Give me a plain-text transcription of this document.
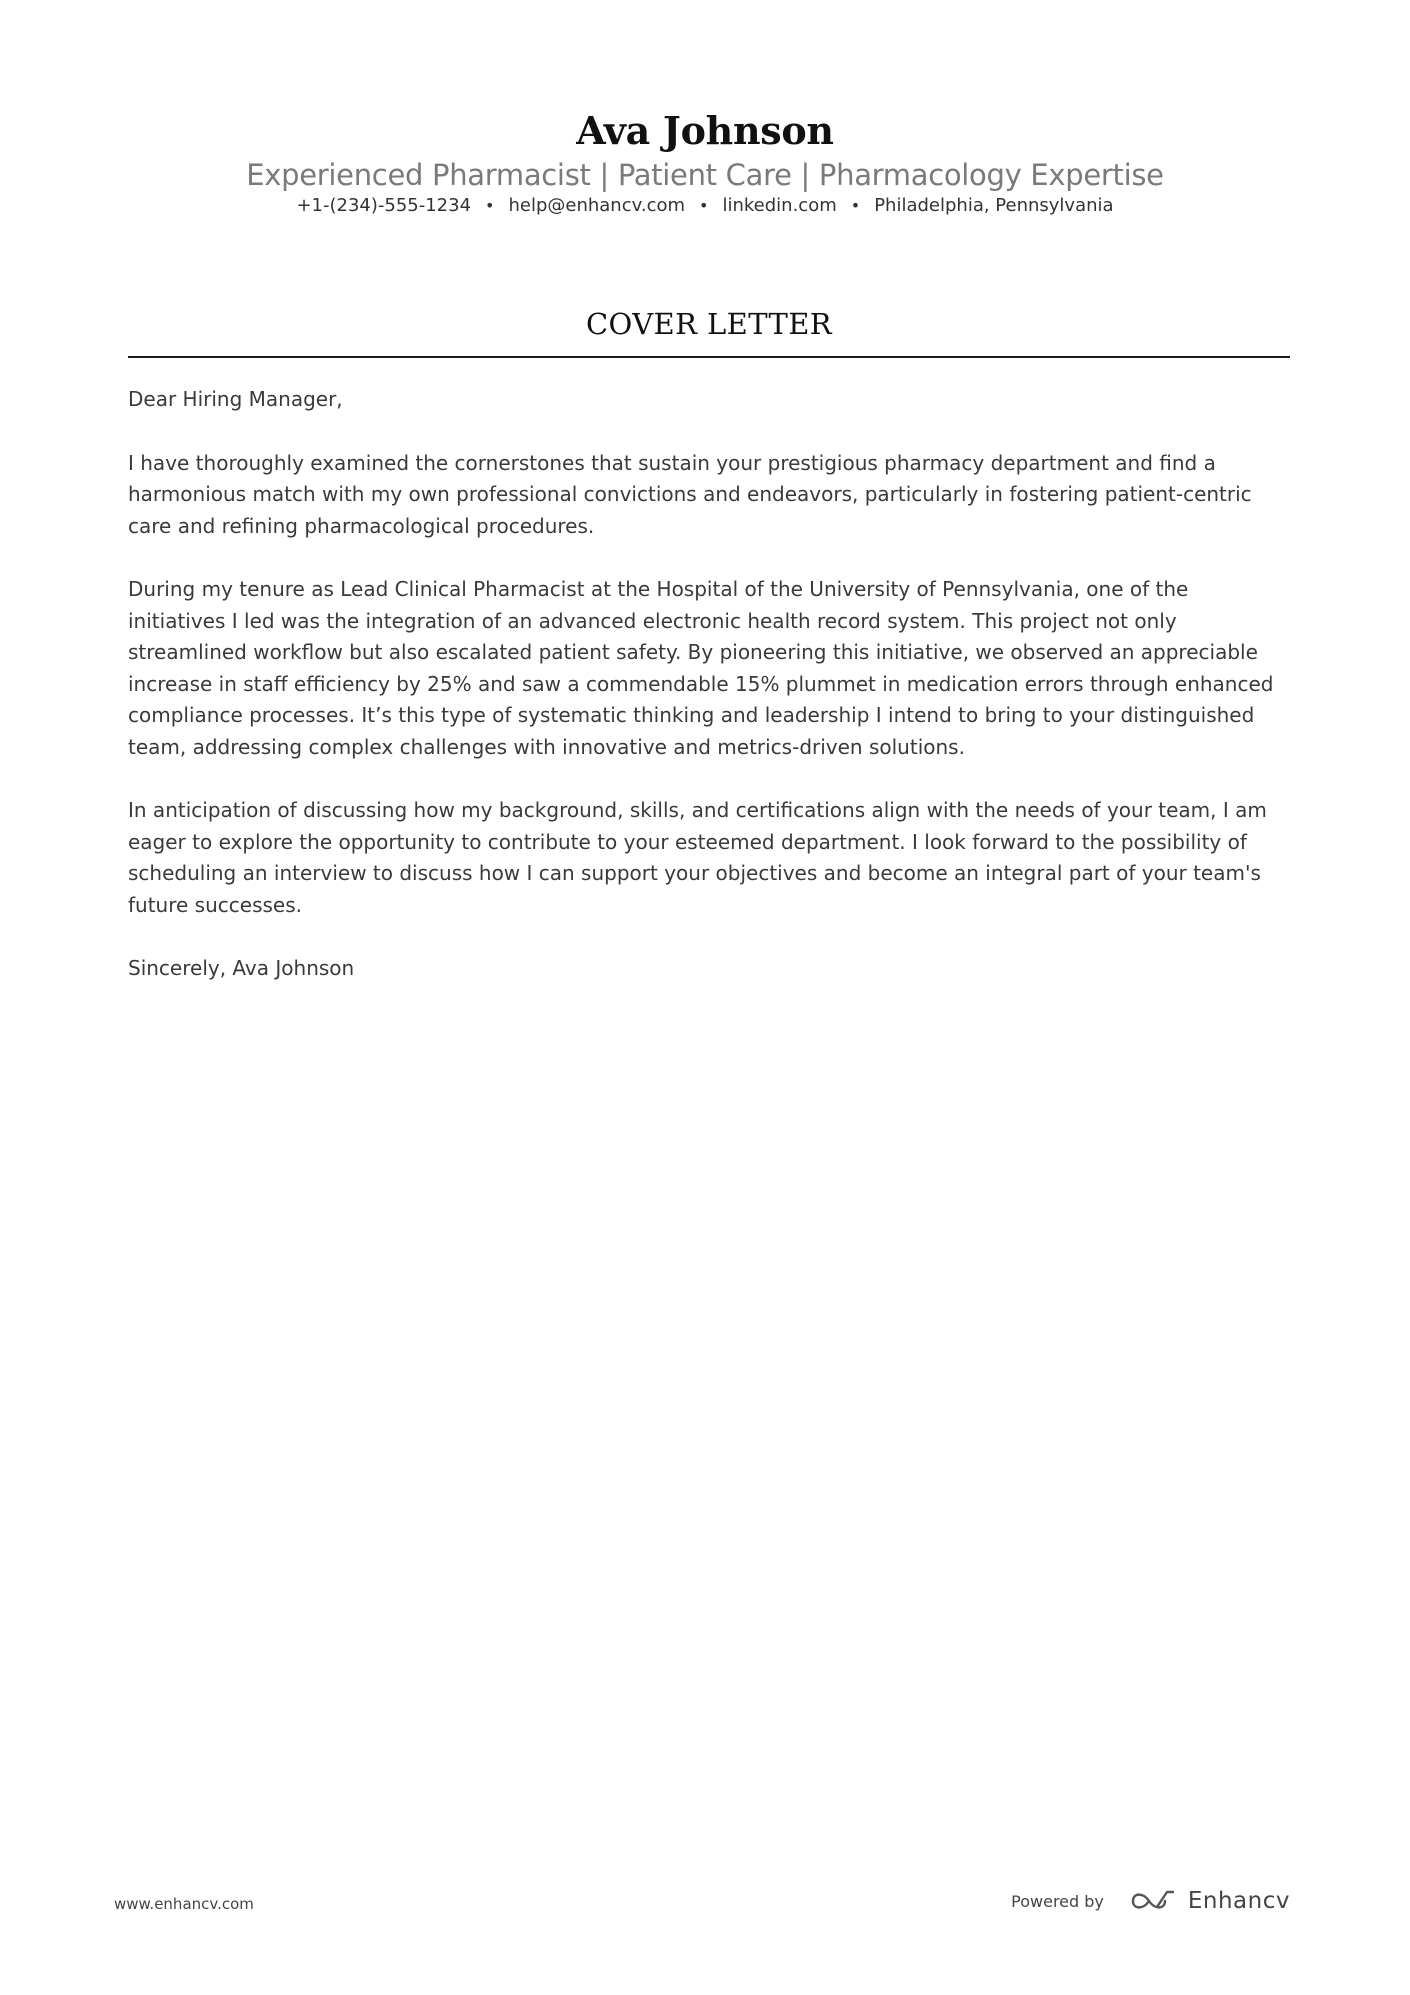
Ava Johnson
Experienced Pharmacist | Patient Care | Pharmacology Expertise
+1-(234)-555-1234 • help@enhancv.com • linkedin.com • Philadelphia, Pennsylvania
COVER LETTER

Dear Hiring Manager,

I have thoroughly examined the cornerstones that sustain your prestigious pharmacy department and find a harmonious match with my own professional convictions and endeavors, particularly in fostering patient-centric care and refining pharmacological procedures.

During my tenure as Lead Clinical Pharmacist at the Hospital of the University of Pennsylvania, one of the initiatives I led was the integration of an advanced electronic health record system. This project not only streamlined workflow but also escalated patient safety. By pioneering this initiative, we observed an appreciable increase in staff efficiency by 25% and saw a commendable 15% plummet in medication errors through enhanced compliance processes. It’s this type of systematic thinking and leadership I intend to bring to your distinguished team, addressing complex challenges with innovative and metrics-driven solutions.

In anticipation of discussing how my background, skills, and certifications align with the needs of your team, I am eager to explore the opportunity to contribute to your esteemed department. I look forward to the possibility of scheduling an interview to discuss how I can support your objectives and become an integral part of your team's future successes.

Sincerely, Ava Johnson

www.enhancv.com	Powered by	Enhancv
